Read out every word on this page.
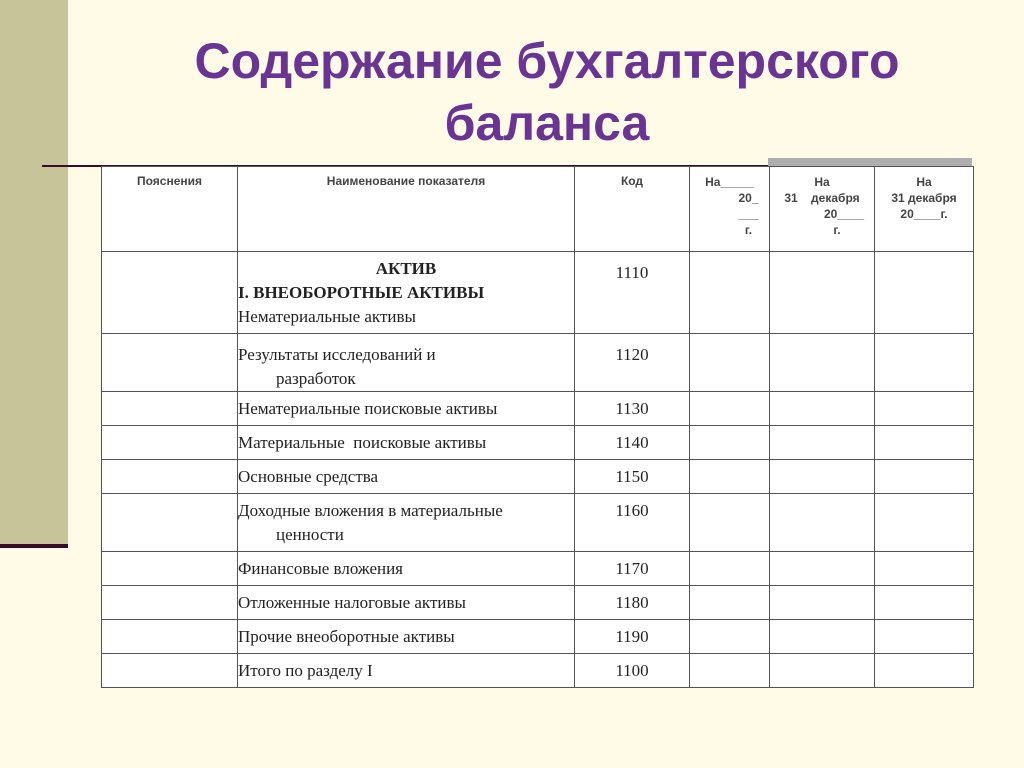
Содержание бухгалтерского
баланса
Пояснения	Наименование показателя	Код	На_____
20_
___
г.	На
31    декабря
20____
г.	На
31 декабря
20____г.

	АКТИВ
I. ВНЕОБОРОТНЫЕ АКТИВЫ
Нематериальные активы	1110			

	Результаты исследований и
разработок	1120			
	Нематериальные поисковые активы	1130			
	Материальные  поисковые активы	1140			
	Основные средства	1150			

	Доходные вложения в материальные
ценности	1160			
	Финансовые вложения	1170			
	Отложенные налоговые активы	1180			
	Прочие внеоборотные активы	1190			
	Итого по разделу I	1100			
